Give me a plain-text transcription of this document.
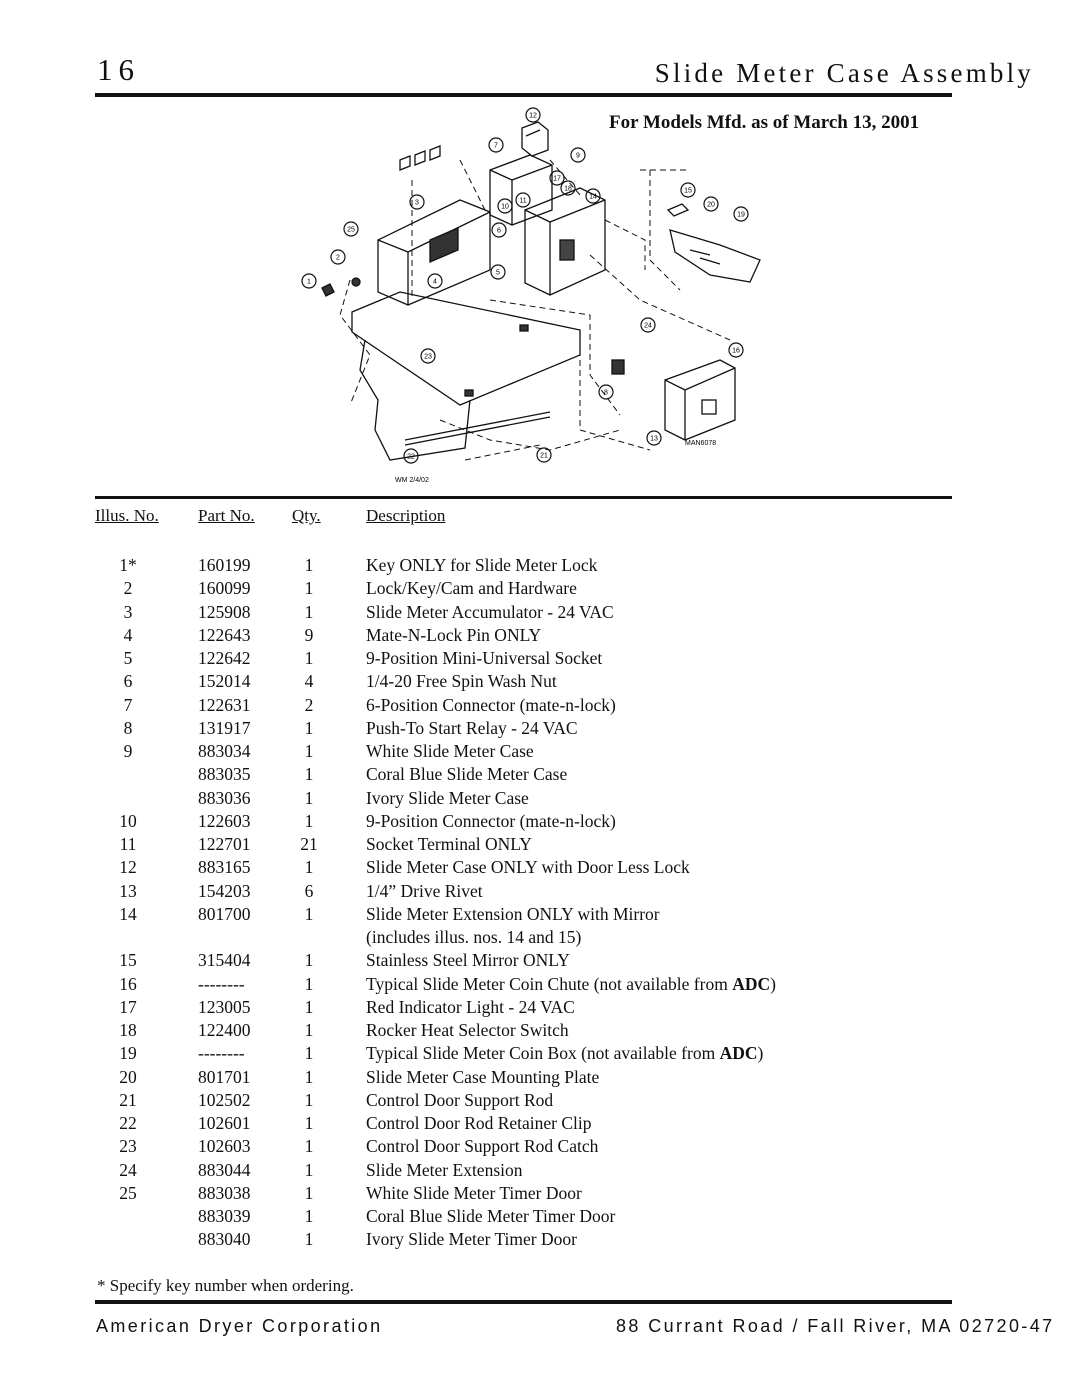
16	Slide Meter Case Assembly
For Models Mfd. as of March 13, 2001
MAN6078
WM 2/4/02
12
7
9
17
18
10
11
14
3
6
25
2
4
5
1
15
20
19
24
16
23
8
13
22	21
Illus. No. Part No. Qty.	Description
1*	160199	1	Key ONLY for Slide Meter Lock
2	160099	1	Lock/Key/Cam and Hardware
3	125908	1	Slide Meter Accumulator - 24 VAC
4	122643	9	Mate-N-Lock Pin ONLY
5	122642	1	9-Position Mini-Universal Socket
6	152014	4	1/4-20 Free Spin Wash Nut
7	122631	2	6-Position Connector (mate-n-lock)
8	131917	1	Push-To Start Relay - 24 VAC
9	883034	1	White Slide Meter Case
883035	1	Coral Blue Slide Meter Case
883036	1	Ivory Slide Meter Case
10	122603	1	9-Position Connector (mate-n-lock)
11	122701	21	Socket Terminal ONLY
12	883165	1	Slide Meter Case ONLY with Door Less Lock
13	154203	6	1/4” Drive Rivet
14	801700	1	Slide Meter Extension ONLY with Mirror
(includes illus. nos. 14 and 15)
15	315404	1	Stainless Steel Mirror ONLY
16	--------	1	Typical Slide Meter Coin Chute (not available from ADC)
17	123005	1	Red Indicator Light - 24 VAC
18	122400	1	Rocker Heat Selector Switch
19	--------	1	Typical Slide Meter Coin Box (not available from ADC)
20	801701	1	Slide Meter Case Mounting Plate
21	102502	1	Control Door Support Rod
22	102601	1	Control Door Rod Retainer Clip
23	102603	1	Control Door Support Rod Catch
24	883044	1	Slide Meter Extension
25	883038	1	White Slide Meter Timer Door
883039	1	Coral Blue Slide Meter Timer Door
883040	1	Ivory Slide Meter Timer Door
* Specify key number when ordering.
American Dryer Corporation	88 Currant Road / Fall River, MA 02720-47
